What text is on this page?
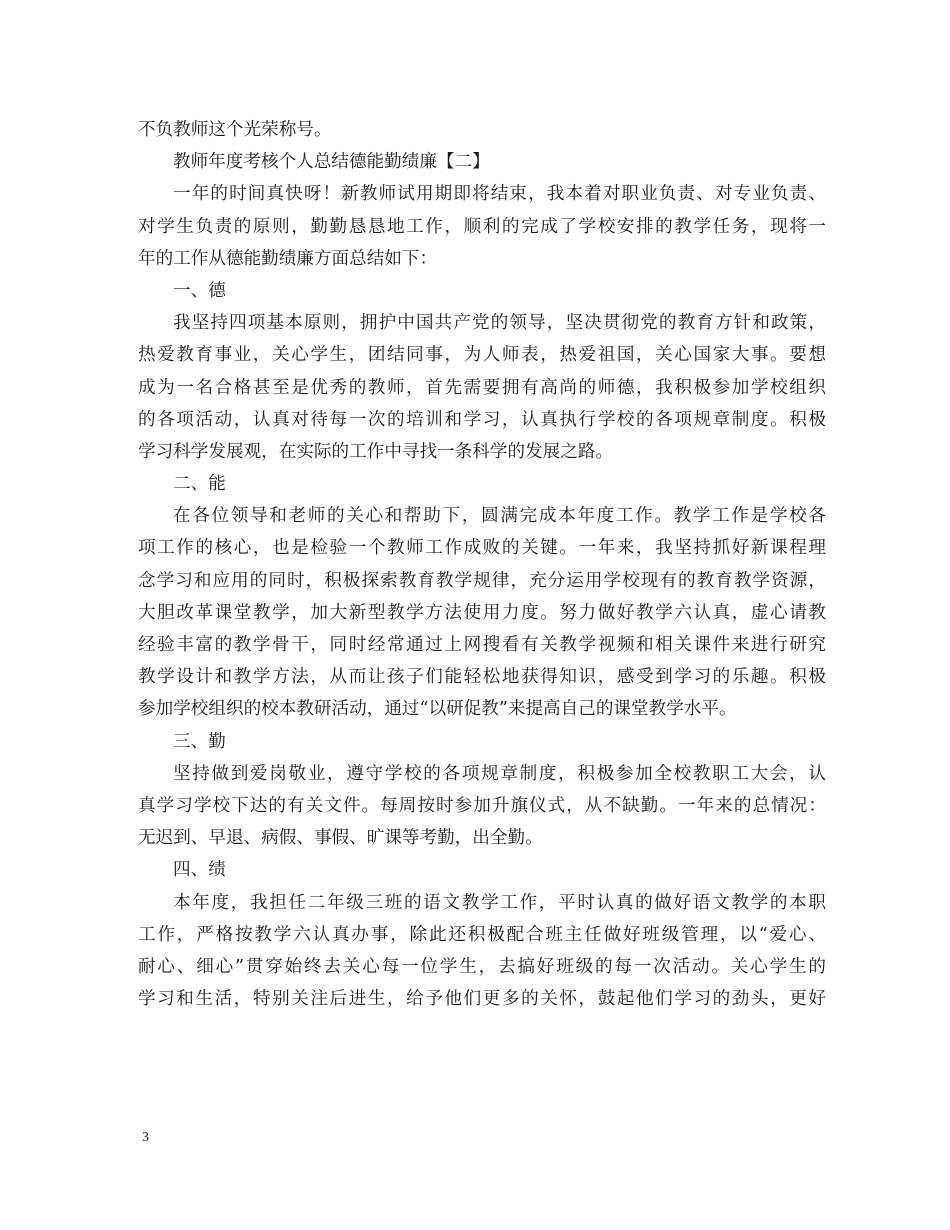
不负教师这个光荣称号。
教师年度考核个人总结德能勤绩廉【二】
一年的时间真快呀！新教师试用期即将结束，我本着对职业负责、对专业负责、
对学生负责的原则，勤勤恳恳地工作，顺利的完成了学校安排的教学任务，现将一
年的工作从德能勤绩廉方面总结如下：
一、德
我坚持四项基本原则，拥护中国共产党的领导，坚决贯彻党的教育方针和政策，
热爱教育事业，关心学生，团结同事，为人师表，热爱祖国，关心国家大事。要想
成为一名合格甚至是优秀的教师，首先需要拥有高尚的师德，我积极参加学校组织
的各项活动，认真对待每一次的培训和学习，认真执行学校的各项规章制度。积极
学习科学发展观，在实际的工作中寻找一条科学的发展之路。
二、能
在各位领导和老师的关心和帮助下，圆满完成本年度工作。教学工作是学校各
项工作的核心，也是检验一个教师工作成败的关键。一年来，我坚持抓好新课程理
念学习和应用的同时，积极探索教育教学规律，充分运用学校现有的教育教学资源，
大胆改革课堂教学，加大新型教学方法使用力度。努力做好教学六认真，虚心请教
经验丰富的教学骨干，同时经常通过上网搜看有关教学视频和相关课件来进行研究
教学设计和教学方法，从而让孩子们能轻松地获得知识，感受到学习的乐趣。积极
参加学校组织的校本教研活动，通过“以研促教”来提高自己的课堂教学水平。
三、勤
坚持做到爱岗敬业，遵守学校的各项规章制度，积极参加全校教职工大会，认
真学习学校下达的有关文件。每周按时参加升旗仪式，从不缺勤。一年来的总情况：
无迟到、早退、病假、事假、旷课等考勤，出全勤。
四、绩
本年度，我担任二年级三班的语文教学工作，平时认真的做好语文教学的本职
工作，严格按教学六认真办事，除此还积极配合班主任做好班级管理，以“爱心、
耐心、细心”贯穿始终去关心每一位学生，去搞好班级的每一次活动。关心学生的
学习和生活，特别关注后进生，给予他们更多的关怀，鼓起他们学习的劲头，更好
3
